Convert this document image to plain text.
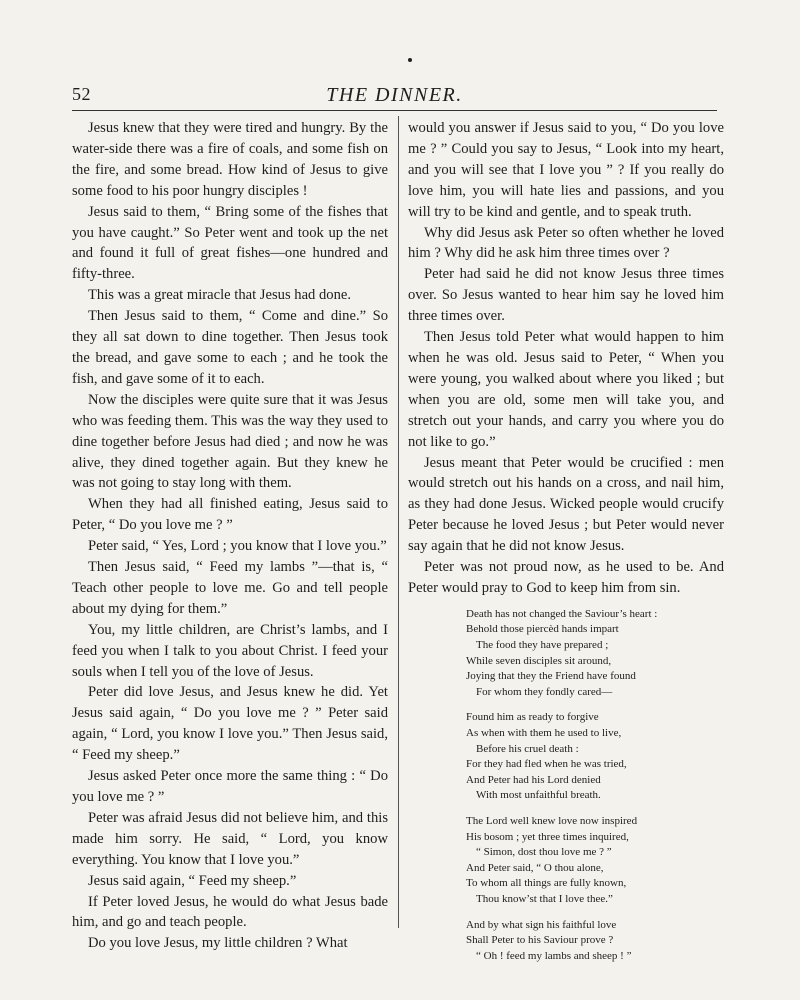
52	THE DINNER.

Jesus knew that they were tired and hungry. By the water-side there was a fire of coals, and some fish on the fire, and some bread. How kind of Jesus to give some food to his poor hungry disciples !

Jesus said to them, “ Bring some of the fishes that you have caught.” So Peter went and took up the net and found it full of great fishes—one hundred and fifty-three.

This was a great miracle that Jesus had done.

Then Jesus said to them, “ Come and dine.” So they all sat down to dine together. Then Jesus took the bread, and gave some to each ; and he took the fish, and gave some of it to each.

Now the disciples were quite sure that it was Jesus who was feeding them. This was the way they used to dine together before Jesus had died ; and now he was alive, they dined together again. But they knew he was not going to stay long with them.

When they had all finished eating, Jesus said to Peter, “ Do you love me ? ”

Peter said, “ Yes, Lord ; you know that I love you.”

Then Jesus said, “ Feed my lambs ”—that is, “ Teach other people to love me. Go and tell people about my dying for them.”

You, my little children, are Christ’s lambs, and I feed you when I talk to you about Christ. I feed your souls when I tell you of the love of Jesus.

Peter did love Jesus, and Jesus knew he did. Yet Jesus said again, “ Do you love me ? ” Peter said again, “ Lord, you know I love you.” Then Jesus said, “ Feed my sheep.”

Jesus asked Peter once more the same thing : “ Do you love me ? ”

Peter was afraid Jesus did not believe him, and this made him sorry. He said, “ Lord, you know everything. You know that I love you.”

Jesus said again, “ Feed my sheep.”

If Peter loved Jesus, he would do what Jesus bade him, and go and teach people.

Do you love Jesus, my little children ? What

would you answer if Jesus said to you, “ Do you love me ? ” Could you say to Jesus, “ Look into my heart, and you will see that I love you ” ? If you really do love him, you will hate lies and passions, and you will try to be kind and gentle, and to speak truth.

Why did Jesus ask Peter so often whether he loved him ? Why did he ask him three times over ?

Peter had said he did not know Jesus three times over. So Jesus wanted to hear him say he loved him three times over.

Then Jesus told Peter what would happen to him when he was old. Jesus said to Peter, “ When you were young, you walked about where you liked ; but when you are old, some men will take you, and stretch out your hands, and carry you where you do not like to go.”

Jesus meant that Peter would be crucified : men would stretch out his hands on a cross, and nail him, as they had done Jesus. Wicked people would crucify Peter because he loved Jesus ; but Peter would never say again that he did not know Jesus.

Peter was not proud now, as he used to be. And Peter would pray to God to keep him from sin.

Death has not changed the Saviour’s heart :
Behold those piercèd hands impart
The food they have prepared ;
While seven disciples sit around,
Joying that they the Friend have found
For whom they fondly cared—
Found him as ready to forgive
As when with them he used to live,
Before his cruel death :
For they had fled when he was tried,
And Peter had his Lord denied
With most unfaithful breath.
The Lord well knew love now inspired
His bosom ; yet three times inquired,
“ Simon, dost thou love me ? ”
And Peter said, “ O thou alone,
To whom all things are fully known,
Thou know’st that I love thee.”
And by what sign his faithful love
Shall Peter to his Saviour prove ?
“ Oh ! feed my lambs and sheep ! ”
